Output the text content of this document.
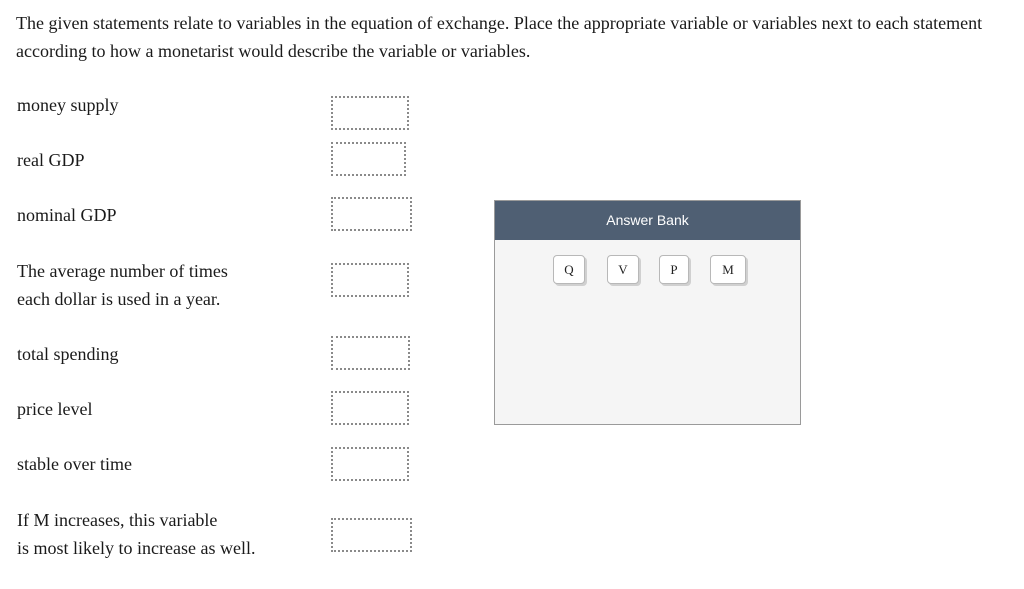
The given statements relate to variables in the equation of exchange. Place the appropriate variable or variables next to each statement according to how a monetarist would describe the variable or variables.

money supply
real GDP
nominal GDP
The average number of times
each dollar is used in a year.
total spending
price level
stable over time
If M increases, this variable
is most likely to increase as well.
Answer Bank
Q	V	P	M
